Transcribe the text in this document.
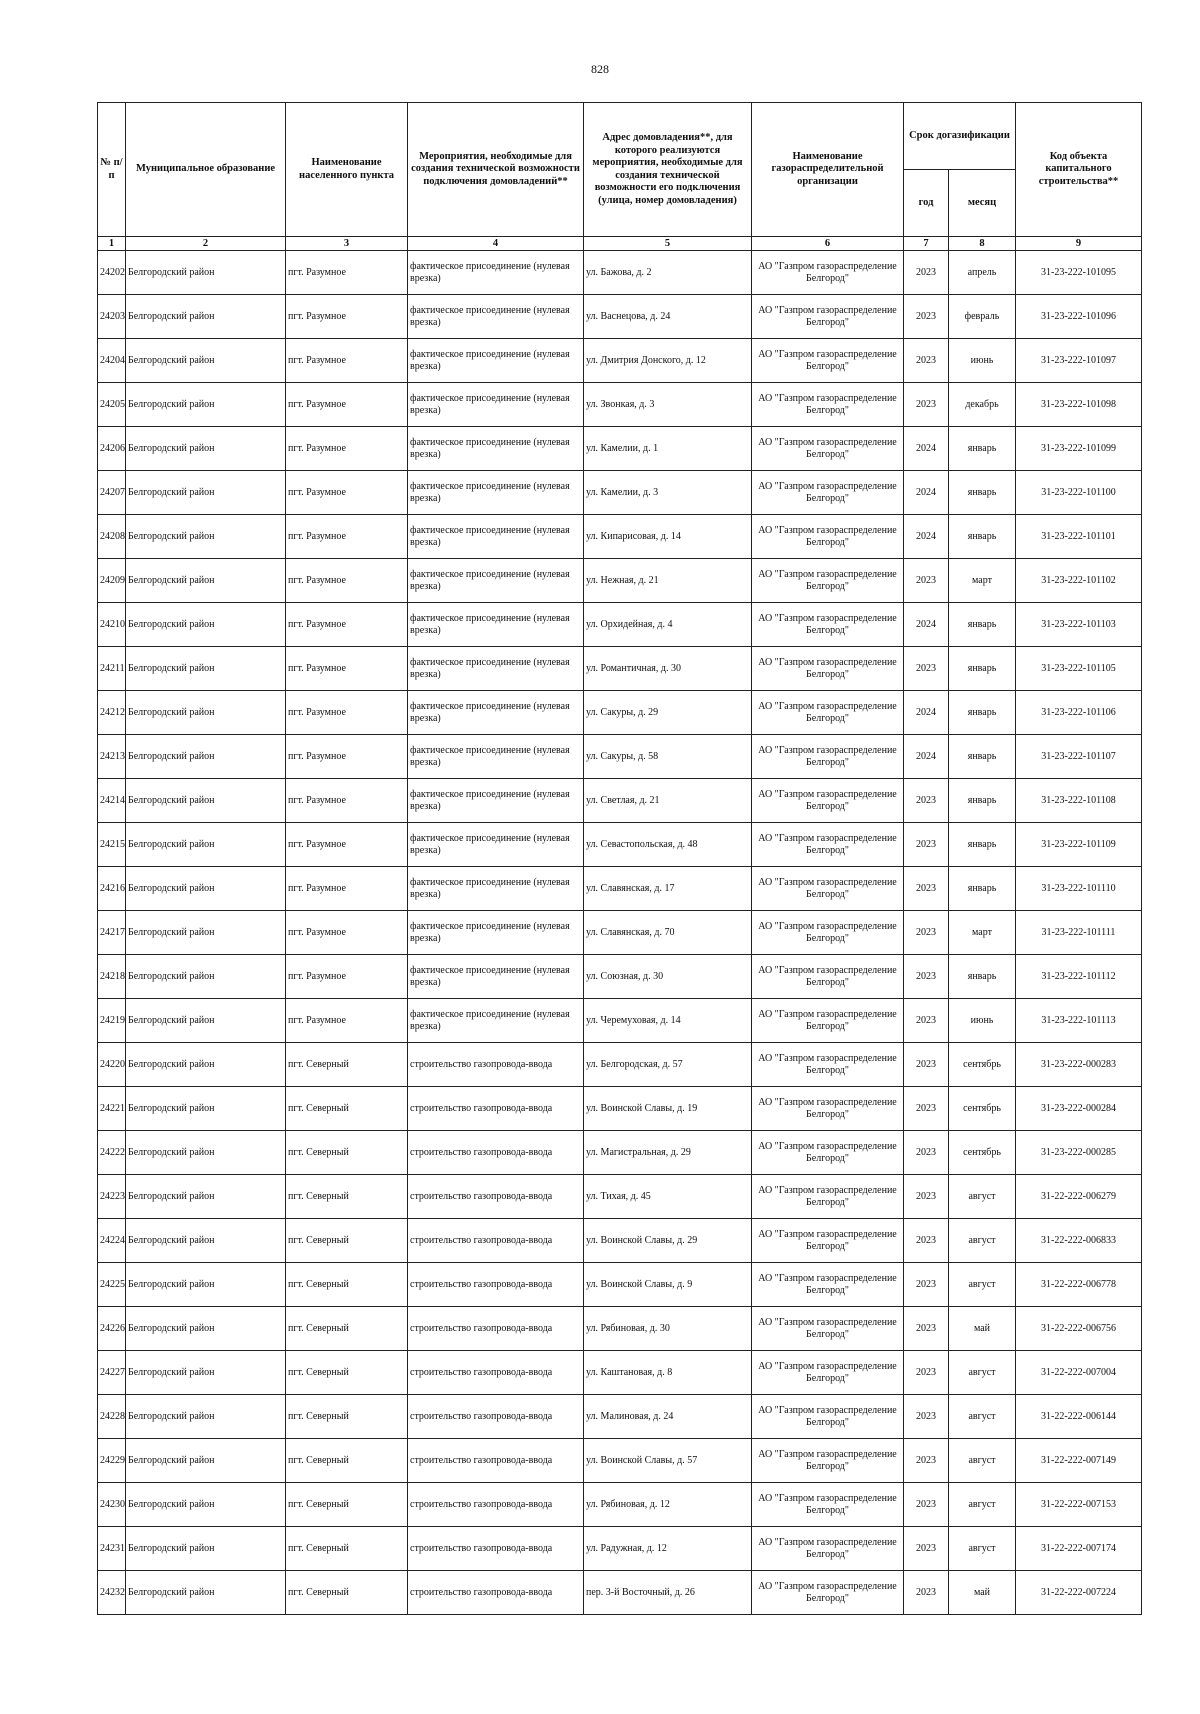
828
№ п/п	Муниципальное образование	Наименование населенного пункта	Мероприятия, необходимые для создания технической возможности подключения домовладений**	Адрес домовладения**, для которого реализуются мероприятия, необходимые для создания технической возможности его подключения (улица, номер домовладения)	Наименование газораспределительной организации	Срок догазификации		Код объекта капитального строительства**
						год	месяц	
1	2	3	4	5	6	7	8	9
24202	Белгородский район	пгт. Разумное	фактическое присоединение (нулевая врезка)	ул. Бажова, д. 2	АО "Газпром газораспределение Белгород"	2023	апрель	31-23-222-101095
24203	Белгородский район	пгт. Разумное	фактическое присоединение (нулевая врезка)	ул. Васнецова, д. 24	АО "Газпром газораспределение Белгород"	2023	февраль	31-23-222-101096
24204	Белгородский район	пгт. Разумное	фактическое присоединение (нулевая врезка)	ул. Дмитрия Донского, д. 12	АО "Газпром газораспределение Белгород"	2023	июнь	31-23-222-101097
24205	Белгородский район	пгт. Разумное	фактическое присоединение (нулевая врезка)	ул. Звонкая, д. 3	АО "Газпром газораспределение Белгород"	2023	декабрь	31-23-222-101098
24206	Белгородский район	пгт. Разумное	фактическое присоединение (нулевая врезка)	ул. Камелии, д. 1	АО "Газпром газораспределение Белгород"	2024	январь	31-23-222-101099
24207	Белгородский район	пгт. Разумное	фактическое присоединение (нулевая врезка)	ул. Камелии, д. 3	АО "Газпром газораспределение Белгород"	2024	январь	31-23-222-101100
24208	Белгородский район	пгт. Разумное	фактическое присоединение (нулевая врезка)	ул. Кипарисовая, д. 14	АО "Газпром газораспределение Белгород"	2024	январь	31-23-222-101101
24209	Белгородский район	пгт. Разумное	фактическое присоединение (нулевая врезка)	ул. Нежная, д. 21	АО "Газпром газораспределение Белгород"	2023	март	31-23-222-101102
24210	Белгородский район	пгт. Разумное	фактическое присоединение (нулевая врезка)	ул. Орхидейная, д. 4	АО "Газпром газораспределение Белгород"	2024	январь	31-23-222-101103
24211	Белгородский район	пгт. Разумное	фактическое присоединение (нулевая врезка)	ул. Романтичная, д. 30	АО "Газпром газораспределение Белгород"	2023	январь	31-23-222-101105
24212	Белгородский район	пгт. Разумное	фактическое присоединение (нулевая врезка)	ул. Сакуры, д. 29	АО "Газпром газораспределение Белгород"	2024	январь	31-23-222-101106
24213	Белгородский район	пгт. Разумное	фактическое присоединение (нулевая врезка)	ул. Сакуры, д. 58	АО "Газпром газораспределение Белгород"	2024	январь	31-23-222-101107
24214	Белгородский район	пгт. Разумное	фактическое присоединение (нулевая врезка)	ул. Светлая, д. 21	АО "Газпром газораспределение Белгород"	2023	январь	31-23-222-101108
24215	Белгородский район	пгт. Разумное	фактическое присоединение (нулевая врезка)	ул. Севастопольская, д. 48	АО "Газпром газораспределение Белгород"	2023	январь	31-23-222-101109
24216	Белгородский район	пгт. Разумное	фактическое присоединение (нулевая врезка)	ул. Славянская, д. 17	АО "Газпром газораспределение Белгород"	2023	январь	31-23-222-101110
24217	Белгородский район	пгт. Разумное	фактическое присоединение (нулевая врезка)	ул. Славянская, д. 70	АО "Газпром газораспределение Белгород"	2023	март	31-23-222-101111
24218	Белгородский район	пгт. Разумное	фактическое присоединение (нулевая врезка)	ул. Союзная, д. 30	АО "Газпром газораспределение Белгород"	2023	январь	31-23-222-101112
24219	Белгородский район	пгт. Разумное	фактическое присоединение (нулевая врезка)	ул. Черемуховая, д. 14	АО "Газпром газораспределение Белгород"	2023	июнь	31-23-222-101113
24220	Белгородский район	пгт. Северный	строительство газопровода-ввода	ул. Белгородская, д. 57	АО "Газпром газораспределение Белгород"	2023	сентябрь	31-23-222-000283
24221	Белгородский район	пгт. Северный	строительство газопровода-ввода	ул. Воинской Славы, д. 19	АО "Газпром газораспределение Белгород"	2023	сентябрь	31-23-222-000284
24222	Белгородский район	пгт. Северный	строительство газопровода-ввода	ул. Магистральная, д. 29	АО "Газпром газораспределение Белгород"	2023	сентябрь	31-23-222-000285
24223	Белгородский район	пгт. Северный	строительство газопровода-ввода	ул. Тихая, д. 45	АО "Газпром газораспределение Белгород"	2023	август	31-22-222-006279
24224	Белгородский район	пгт. Северный	строительство газопровода-ввода	ул. Воинской Славы, д. 29	АО "Газпром газораспределение Белгород"	2023	август	31-22-222-006833
24225	Белгородский район	пгт. Северный	строительство газопровода-ввода	ул. Воинской Славы, д. 9	АО "Газпром газораспределение Белгород"	2023	август	31-22-222-006778
24226	Белгородский район	пгт. Северный	строительство газопровода-ввода	ул. Рябиновая, д. 30	АО "Газпром газораспределение Белгород"	2023	май	31-22-222-006756
24227	Белгородский район	пгт. Северный	строительство газопровода-ввода	ул. Каштановая, д. 8	АО "Газпром газораспределение Белгород"	2023	август	31-22-222-007004
24228	Белгородский район	пгт. Северный	строительство газопровода-ввода	ул. Малиновая, д. 24	АО "Газпром газораспределение Белгород"	2023	август	31-22-222-006144
24229	Белгородский район	пгт. Северный	строительство газопровода-ввода	ул. Воинской Славы, д. 57	АО "Газпром газораспределение Белгород"	2023	август	31-22-222-007149
24230	Белгородский район	пгт. Северный	строительство газопровода-ввода	ул. Рябиновая, д. 12	АО "Газпром газораспределение Белгород"	2023	август	31-22-222-007153
24231	Белгородский район	пгт. Северный	строительство газопровода-ввода	ул. Радужная, д. 12	АО "Газпром газораспределение Белгород"	2023	август	31-22-222-007174
24232	Белгородский район	пгт. Северный	строительство газопровода-ввода	пер. 3-й Восточный, д. 26	АО "Газпром газораспределение Белгород"	2023	май	31-22-222-007224
